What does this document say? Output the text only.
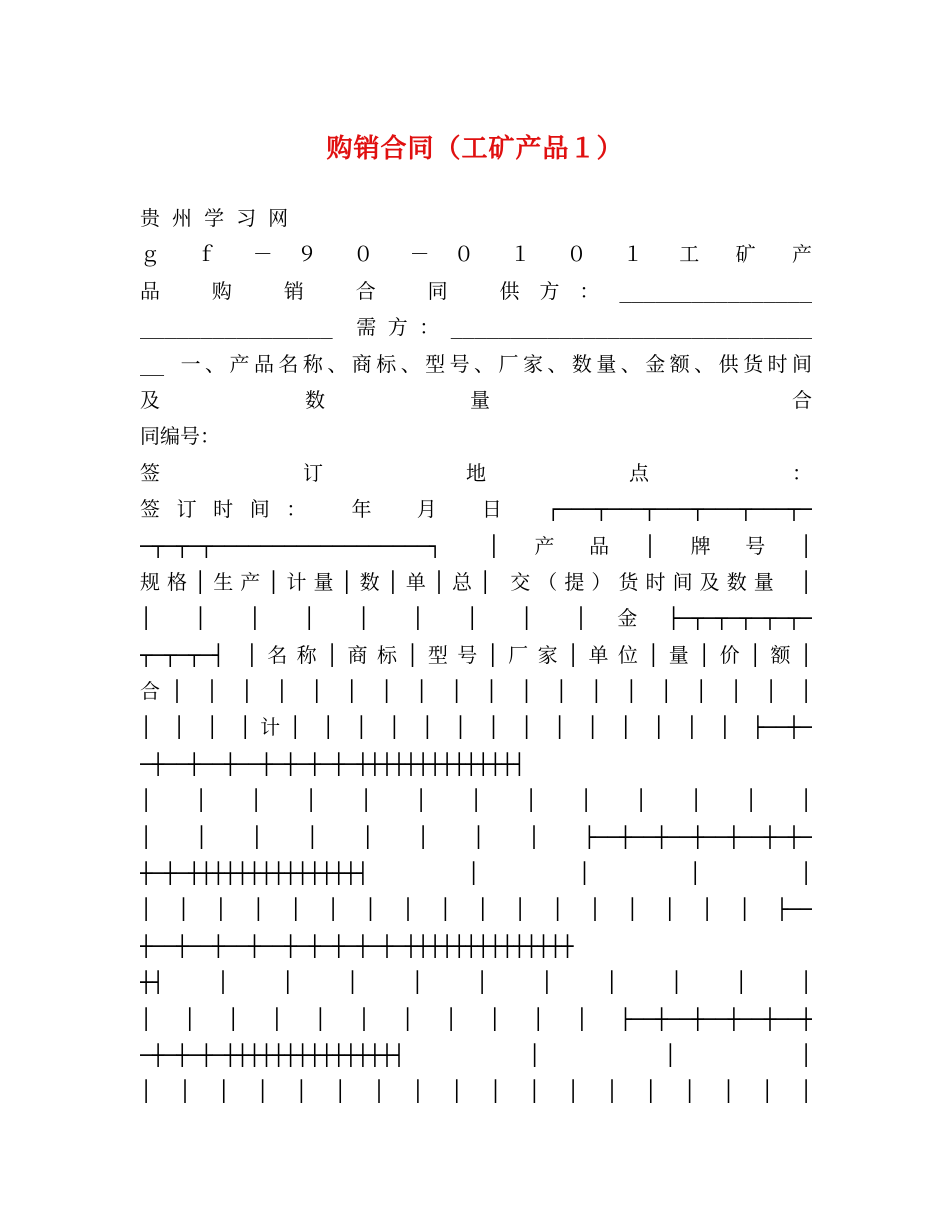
购销合同（工矿产品１）
贵 州 学 习 网
ｇ ｆ － ９ ０ － ０ １ ０ １ 工 矿 产
品 购 销 合 同 供方：________________
________________ 需方：______________________________
__ 一、产品名称、商标、型号、厂家、数量、金额、供货时间
及数量 合
同编号：
签 订 地 点 ：
签订时间： 年 月 日 ┌───┬───┬───┬───┬───┬─
─┬─┬─┬──────────────────┐ │产品│牌号│
规格│生产│计量│数│单│总│ 交（提）货时间及数量 │
│ │ │ │ │ │ │ │ │金├─┬─┬─┬─┬─┬─
┬─┬─┬─┤ │名称│商标│型号│厂家│单位│量│价│额│
合│ │ │ │ │ │ │ │ │ │ │ │ │ │ │ │ │ │ │
│ │ │ │计│ │ │ │ │ │ │ │ │ │ │ │ │ │ ├──┼─
─┼──┼──┼──┼─┼─┼─┼─┼┼┼┼┼┼┼┼┼┼┼┼┼┤
│ │ │ │ │ │ │ │ │ │ │ │ │
│ │ │ │ │ │ │ │ ├──┼──┼──┼──┼──┼─┼─
┼─┼─┼┼┼┼┼┼┼┼┼┼┼┼┼┼┤ │ │ │ │
│ │ │ │ │ │ │ │ │ │ │ │ │ │ │ │ │ ├──
┼──┼──┼──┼──┼─┼─┼─┼─┼─┼┼┼┼┼┼┼┼┼┼┼┼┼┼
┼┤ │ │ │ │ │ │ │ │ │ │
│ │ │ │ │ │ │ │ │ │ │ ├──┼──┼──┼──┼──┼
─┼─┼─┼─┼┼┼┼┼┼┼┼┼┼┼┼┼┼┤ │ │ │
│ │ │ │ │ │ │ │ │ │ │ │ │ │ │ │ │ │
